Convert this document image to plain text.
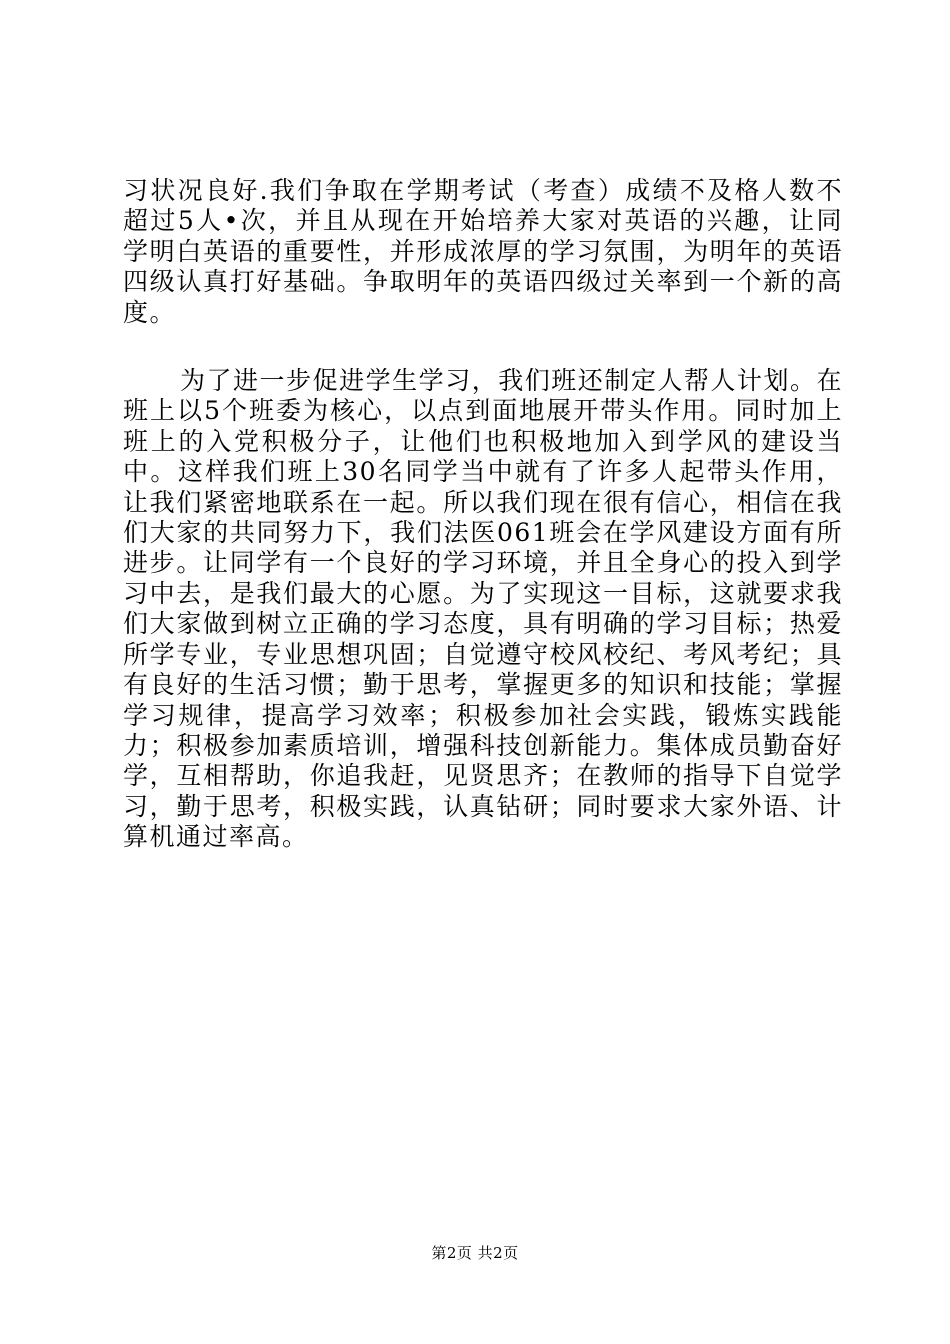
习状况良好.我们争取在学期考试（考查）成绩不及格人数不超过5人•次，并且从现在开始培养大家对英语的兴趣，让同学明白英语的重要性，并形成浓厚的学习氛围，为明年的英语四级认真打好基础。争取明年的英语四级过关率到一个新的高度。

为了进一步促进学生学习，我们班还制定人帮人计划。在班上以5个班委为核心，以点到面地展开带头作用。同时加上班上的入党积极分子，让他们也积极地加入到学风的建设当中。这样我们班上30名同学当中就有了许多人起带头作用，让我们紧密地联系在一起。所以我们现在很有信心，相信在我们大家的共同努力下，我们法医061班会在学风建设方面有所进步。让同学有一个良好的学习环境，并且全身心的投入到学习中去，是我们最大的心愿。为了实现这一目标，这就要求我们大家做到树立正确的学习态度，具有明确的学习目标；热爱所学专业，专业思想巩固；自觉遵守校风校纪、考风考纪；具有良好的生活习惯；勤于思考，掌握更多的知识和技能；掌握学习规律，提高学习效率；积极参加社会实践，锻炼实践能力；积极参加素质培训，增强科技创新能力。集体成员勤奋好学，互相帮助，你追我赶，见贤思齐；在教师的指导下自觉学习，勤于思考，积极实践，认真钻研；同时要求大家外语、计算机通过率高。

第2页 共2页
